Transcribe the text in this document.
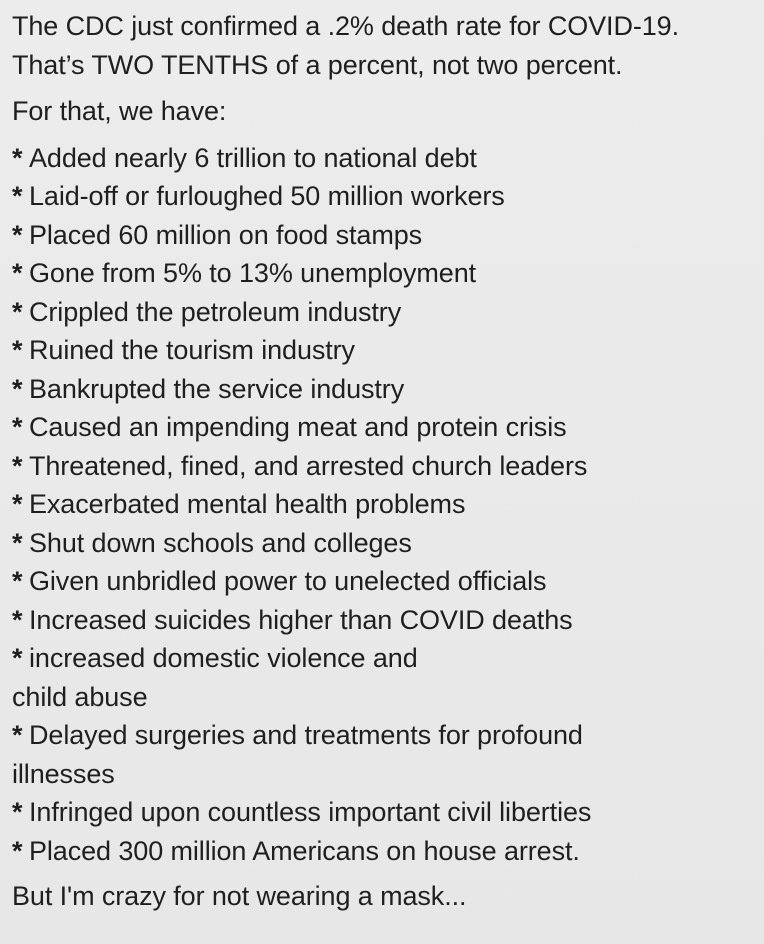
The CDC just confirmed a .2% death rate for COVID-19.
That’s TWO TENTHS of a percent, not two percent.
For that, we have:
* Added nearly 6 trillion to national debt
* Laid-off or furloughed 50 million workers
* Placed 60 million on food stamps
* Gone from 5% to 13% unemployment
* Crippled the petroleum industry
* Ruined the tourism industry
* Bankrupted the service industry
* Caused an impending meat and protein crisis
* Threatened, fined, and arrested church leaders
* Exacerbated mental health problems
* Shut down schools and colleges
* Given unbridled power to unelected officials
* Increased suicides higher than COVID deaths
* increased domestic violence and
child abuse
* Delayed surgeries and treatments for profound
illnesses
* Infringed upon countless important civil liberties
* Placed 300 million Americans on house arrest.
But I'm crazy for not wearing a mask...
